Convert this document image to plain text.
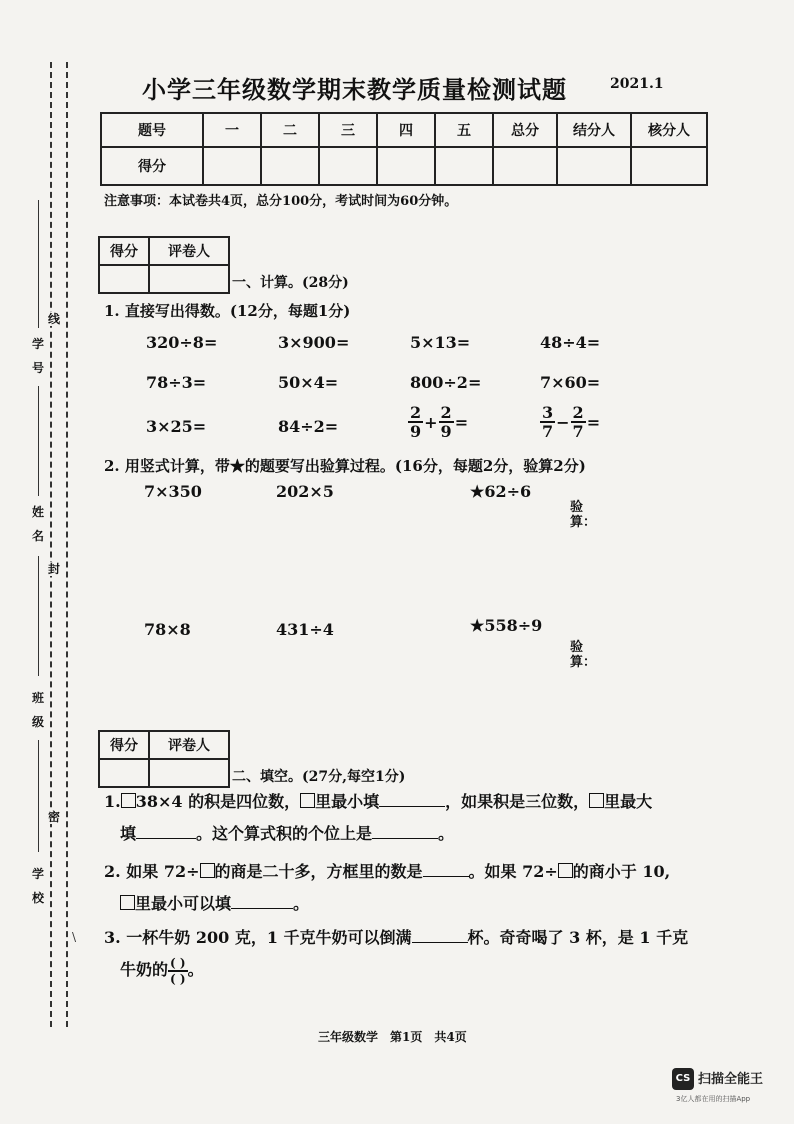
线
学号
姓名
封
班级
密
学校
小学三年级数学期末教学质量检测试题	2021.1
题号	一	二	三	四	五	总分	结分人	核分人
得分								
注意事项：本试卷共4页，总分100分，考试时间为60分钟。
得分	评卷人

一、计算。(28分)
1. 直接写出得数。(12分，每题1分)
320÷8=	3×900=	5×13=	48÷4=
78÷3=	50×4=	800÷2=	7×60=
3×25=	84÷2=	$\frac{2}{9} + \frac{2}{9}$ =	$\frac{3}{7} - \frac{2}{7}$ =
2. 用竖式计算，带★的题要写出验算过程。(16分，每题2分，验算2分)
7×350	202×5	★62÷6
验算：
78×8	431÷4	★558÷9
验算：
得分	评卷人

二、填空。(27分,每空1分)
1. 38×4 的积是四位数， 里最小填	，如果积是三位数， 里最大
填	。这个算式积的个位上是	。
2. 如果 72÷ 的商是二十多，方框里的数是	。如果 72÷ 的商小于 10,
里最小可以填	。
3. 一杯牛奶 200 克，1 千克牛奶可以倒满	杯。奇奇喝了 3 杯，是 1 千克
牛奶的 $\frac{( )}{( )}$ 。
\
三年级数学　第1页　共4页
CS 扫描全能王
3亿人都在用的扫描App
